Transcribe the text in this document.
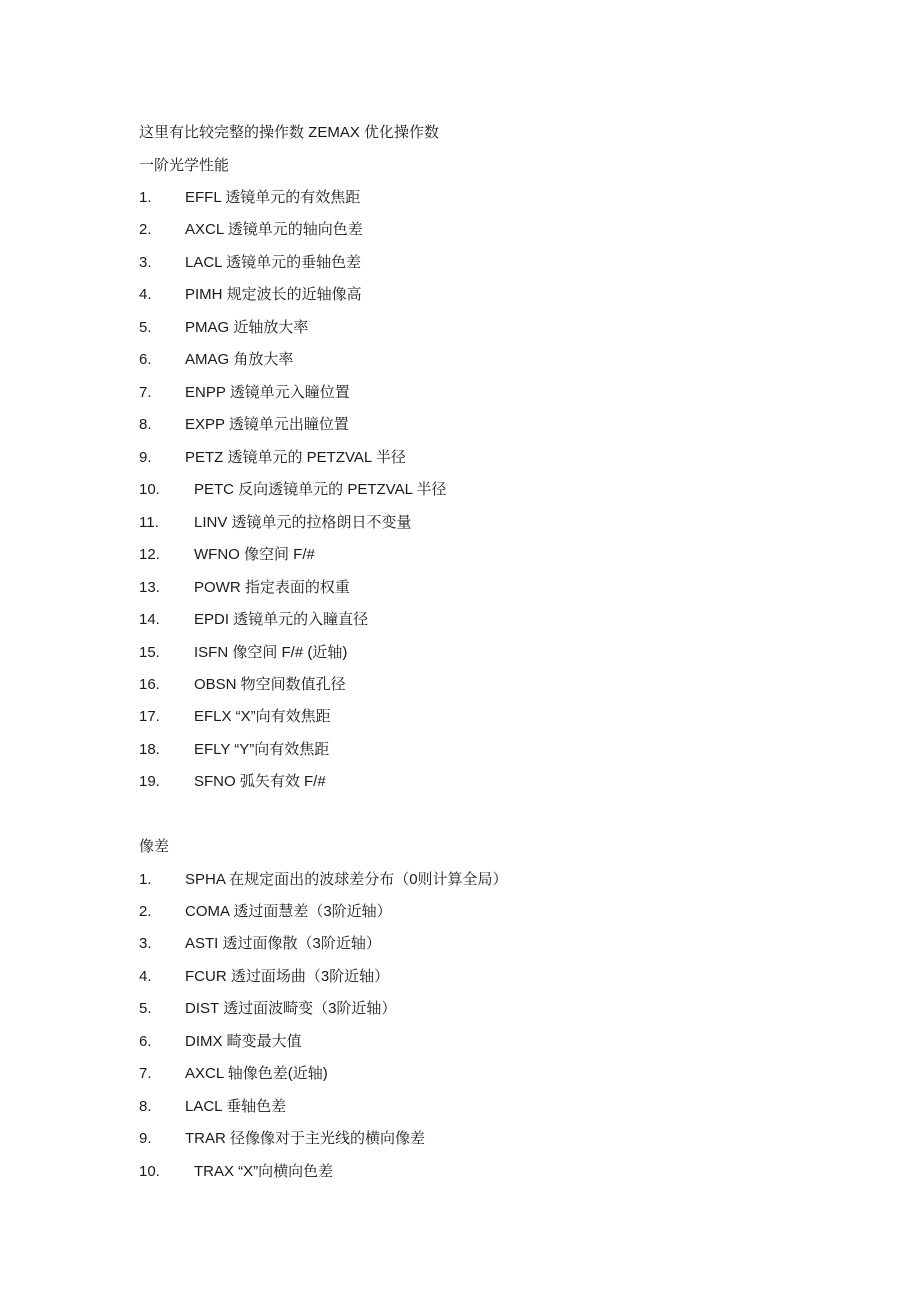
这里有比较完整的操作数 ZEMAX 优化操作数
一阶光学性能
1. EFFL 透镜单元的有效焦距
2. AXCL 透镜单元的轴向色差
3. LACL 透镜单元的垂轴色差
4. PIMH 规定波长的近轴像高
5. PMAG 近轴放大率
6. AMAG 角放大率
7. ENPP 透镜单元入瞳位置
8. EXPP 透镜单元出瞳位置
9. PETZ 透镜单元的 PETZVAL 半径
10. PETC 反向透镜单元的 PETZVAL 半径
11. LINV 透镜单元的拉格朗日不变量
12. WFNO 像空间 F/#
13. POWR 指定表面的权重
14. EPDI 透镜单元的入瞳直径
15. ISFN 像空间 F/# (近轴)
16. OBSN 物空间数值孔径
17. EFLX “X”向有效焦距
18. EFLY “Y”向有效焦距
19. SFNO 弧矢有效 F/#
像差
1. SPHA 在规定面出的波球差分布（0则计算全局）
2. COMA 透过面慧差（3阶近轴）
3. ASTI 透过面像散（3阶近轴）
4. FCUR 透过面场曲（3阶近轴）
5. DIST 透过面波畸变（3阶近轴）
6. DIMX 畸变最大值
7. AXCL 轴像色差(近轴)
8. LACL 垂轴色差
9. TRAR 径像像对于主光线的横向像差
10. TRAX “X”向横向色差
